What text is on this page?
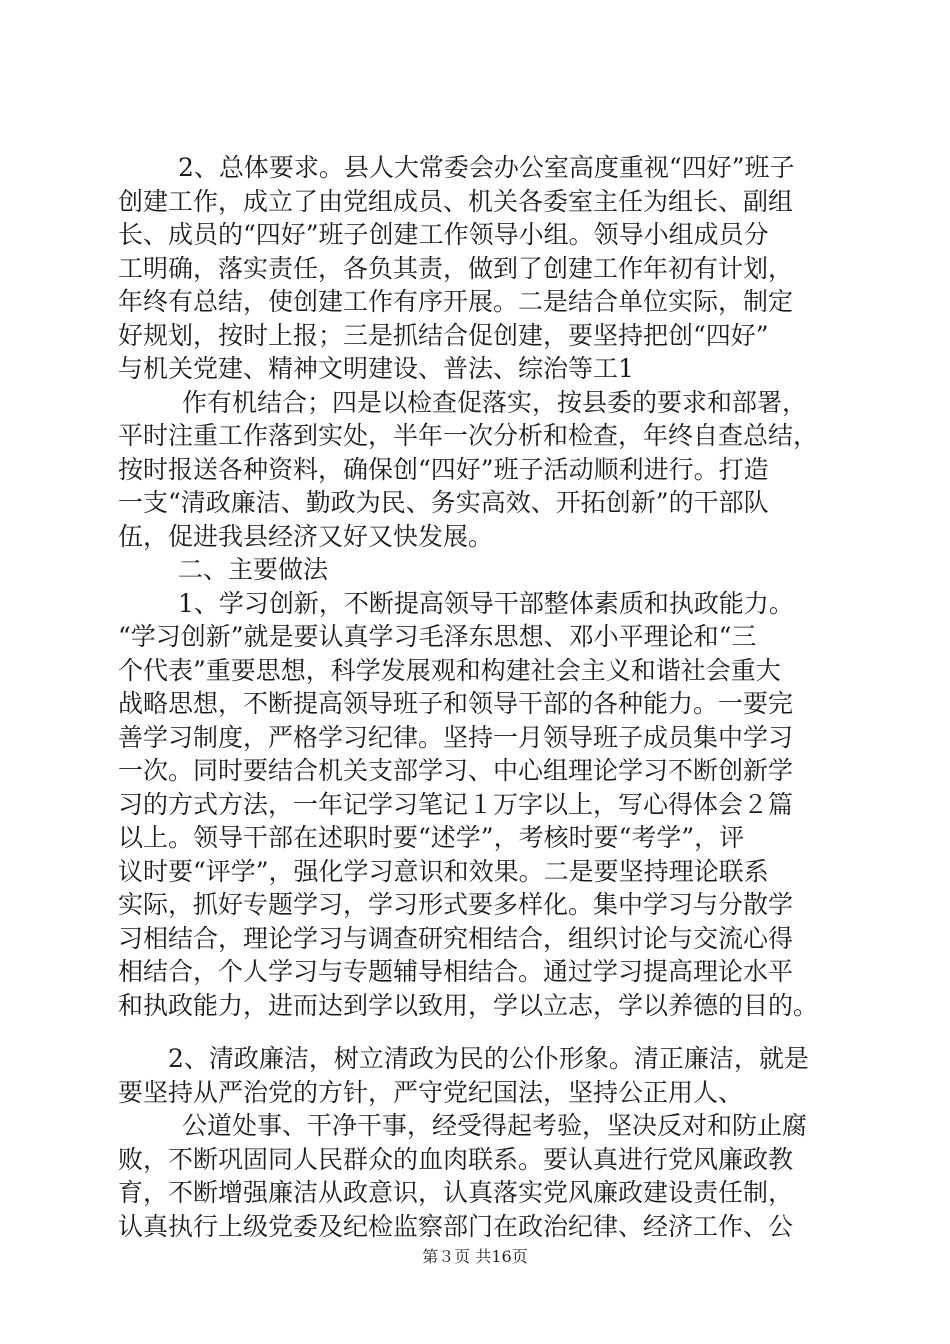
2、总体要求。县人大常委会办公室高度重视“四好”班子
创建工作，成立了由党组成员、机关各委室主任为组长、副组
长、成员的“四好”班子创建工作领导小组。领导小组成员分
工明确，落实责任，各负其责，做到了创建工作年初有计划，
年终有总结，使创建工作有序开展。二是结合单位实际，制定
好规划，按时上报；三是抓结合促创建，要坚持把创“四好”
与机关党建、精神文明建设、普法、综治等工1
作有机结合；四是以检查促落实，按县委的要求和部署，
平时注重工作落到实处，半年一次分析和检查，年终自查总结，
按时报送各种资料，确保创“四好”班子活动顺利进行。打造
一支“清政廉洁、勤政为民、务实高效、开拓创新”的干部队
伍，促进我县经济又好又快发展。
二、主要做法
1、学习创新，不断提高领导干部整体素质和执政能力。
“学习创新”就是要认真学习毛泽东思想、邓小平理论和“三
个代表”重要思想，科学发展观和构建社会主义和谐社会重大
战略思想，不断提高领导班子和领导干部的各种能力。一要完
善学习制度，严格学习纪律。坚持一月领导班子成员集中学习
一次。同时要结合机关支部学习、中心组理论学习不断创新学
习的方式方法，一年记学习笔记１万字以上，写心得体会２篇
以上。领导干部在述职时要“述学”，考核时要“考学”，评
议时要“评学”，强化学习意识和效果。二是要坚持理论联系
实际，抓好专题学习，学习形式要多样化。集中学习与分散学
习相结合，理论学习与调查研究相结合，组织讨论与交流心得
相结合，个人学习与专题辅导相结合。通过学习提高理论水平
和执政能力，进而达到学以致用，学以立志，学以养德的目的。
2、清政廉洁，树立清政为民的公仆形象。清正廉洁，就是
要坚持从严治党的方针，严守党纪国法，坚持公正用人、
公道处事、干净干事，经受得起考验，坚决反对和防止腐
败，不断巩固同人民群众的血肉联系。要认真进行党风廉政教
育，不断增强廉洁从政意识，认真落实党风廉政建设责任制，
认真执行上级党委及纪检监察部门在政治纪律、经济工作、公
第３页 共16页
